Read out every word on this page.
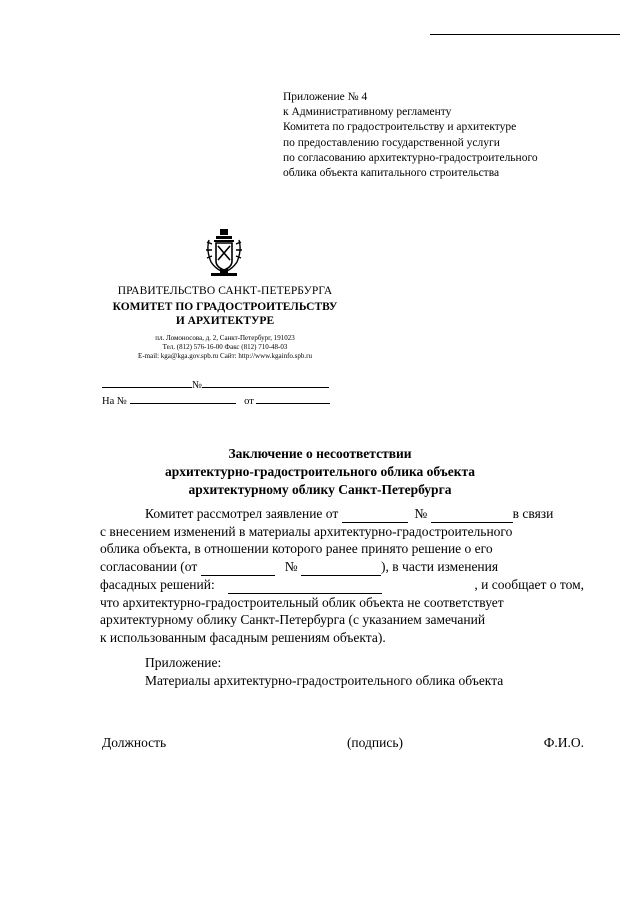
Приложение № 4
к Административному регламенту
Комитета по градостроительству и архитектуре
по предоставлению государственной услуги
по согласованию архитектурно-градостроительного
облика объекта капитального строительства
ПРАВИТЕЛЬСТВО САНКТ-ПЕТЕРБУРГА
КОМИТЕТ ПО ГРАДОСТРОИТЕЛЬСТВУ
И АРХИТЕКТУРЕ
пл. Ломоносова, д. 2, Санкт-Петербург, 191023
Тел. (812) 576-16-00 Факс (812) 710-48-03
E-mail: kga@kga.gov.spb.ru Сайт: http://www.kgainfo.spb.ru
№
На №	от
Заключение о несоответствии
архитектурно-градостроительного облика объекта
архитектурному облику Санкт-Петербурга
Комитет рассмотрел заявление от

	№
	в связи
с внесением изменений в материалы архитектурно-градостроительного
облика объекта, в отношении которого ранее принято решение о его
согласовании (от

	№
	), в части изменения
фасадных решений:
	, и сообщает о том,
что архитектурно-градостроительный облик объекта не соответствует
архитектурному облику Санкт-Петербурга (с указанием замечаний
к использованным фасадным решениям объекта).
Приложение:
Материалы архитектурно-градостроительного облика объекта
Должность	(подпись)	Ф.И.О.
